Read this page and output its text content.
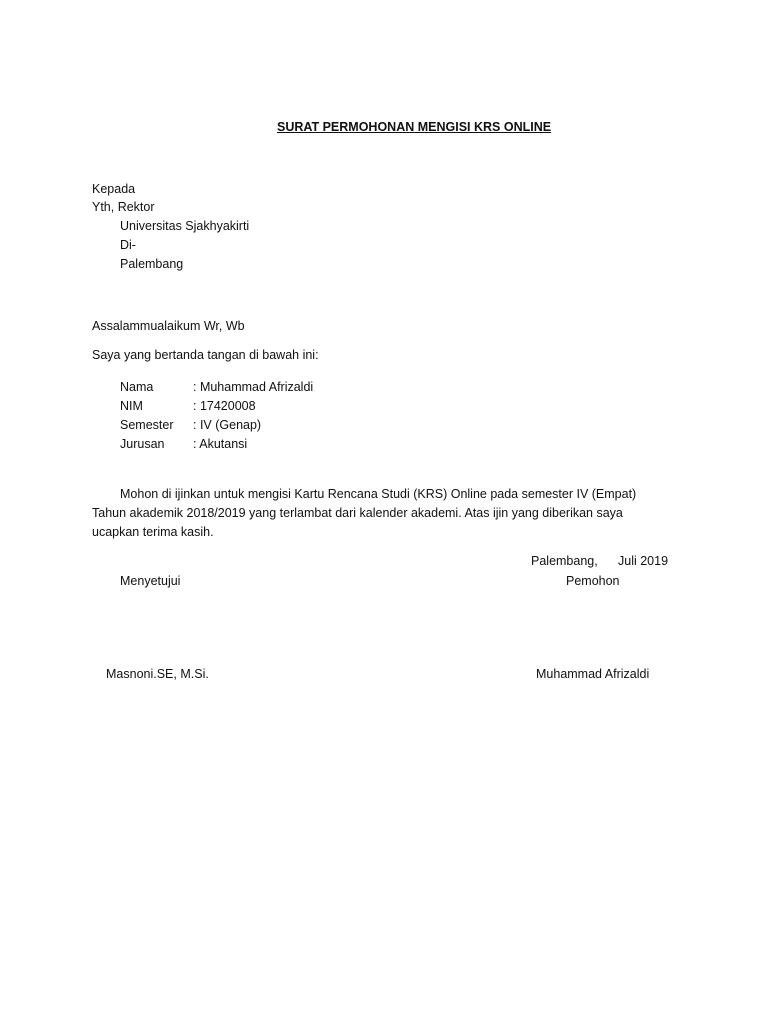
SURAT PERMOHONAN MENGISI KRS ONLINE
Kepada
Yth, Rektor
Universitas Sjakhyakirti
Di-
Palembang
Assalammualaikum Wr, Wb
Saya yang bertanda tangan di bawah ini:
Nama	: Muhammad Afrizaldi
NIM	: 17420008
Semester : IV (Genap)
Jurusan : Akutansi
Mohon di ijinkan untuk mengisi Kartu Rencana Studi (KRS) Online pada semester IV (Empat)
Tahun akademik 2018/2019 yang terlambat dari kalender akademi. Atas ijin yang diberikan saya
ucapkan terima kasih.
Palembang, Juli 2019
Menyetujui	Pemohon
Masnoni.SE, M.Si.	Muhammad Afrizaldi
